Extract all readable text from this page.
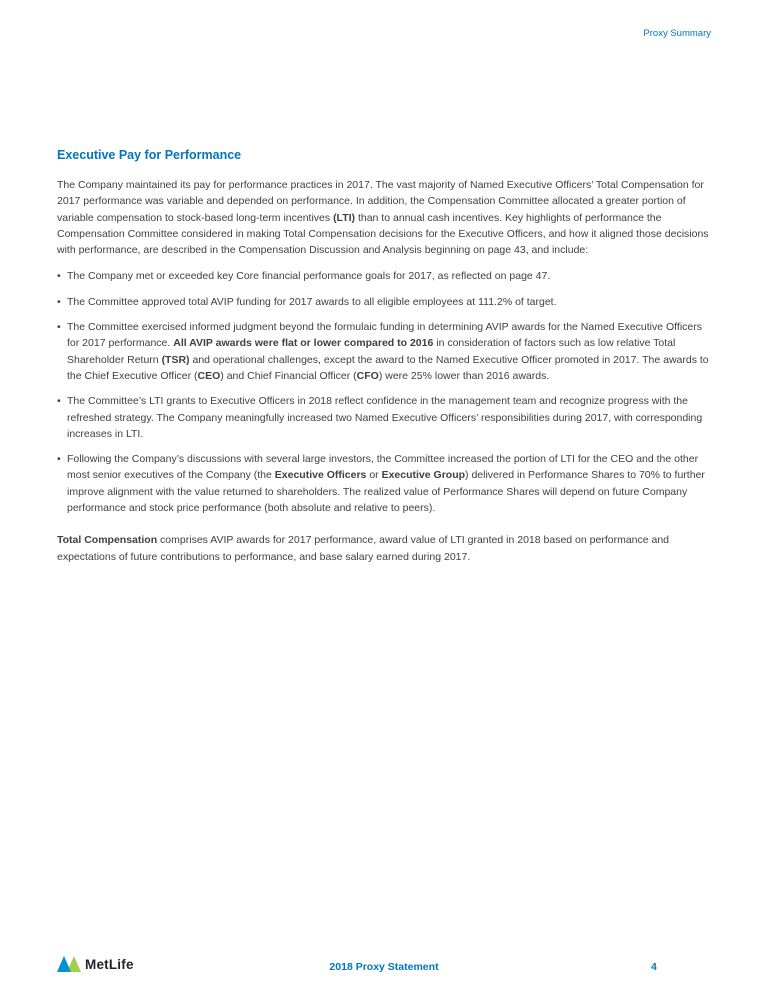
Proxy Summary
Executive Pay for Performance

The Company maintained its pay for performance practices in 2017. The vast majority of Named Executive Officers’ Total Compensation for 2017 performance was variable and depended on performance. In addition, the Compensation Committee allocated a greater portion of variable compensation to stock-based long-term incentives (LTI) than to annual cash incentives. Key highlights of performance the Compensation Committee considered in making Total Compensation decisions for the Executive Officers, and how it aligned those decisions with performance, are described in the Compensation Discussion and Analysis beginning on page 43, and include:

• The Company met or exceeded key Core financial performance goals for 2017, as reflected on page 47.
• The Committee approved total AVIP funding for 2017 awards to all eligible employees at 111.2% of target.
• The Committee exercised informed judgment beyond the formulaic funding in determining AVIP awards for the Named Executive Officers for 2017 performance. All AVIP awards were flat or lower compared to 2016 in consideration of factors such as low relative Total Shareholder Return (TSR) and operational challenges, except the award to the Named Executive Officer promoted in 2017. The awards to the Chief Executive Officer (CEO) and Chief Financial Officer (CFO) were 25% lower than 2016 awards.
• The Committee’s LTI grants to Executive Officers in 2018 reflect confidence in the management team and recognize progress with the refreshed strategy. The Company meaningfully increased two Named Executive Officers’ responsibilities during 2017, with corresponding increases in LTI.
• Following the Company’s discussions with several large investors, the Committee increased the portion of LTI for the CEO and the other most senior executives of the Company (the Executive Officers or Executive Group) delivered in Performance Shares to 70% to further improve alignment with the value returned to shareholders. The realized value of Performance Shares will depend on future Company performance and stock price performance (both absolute and relative to peers).

Total Compensation comprises AVIP awards for 2017 performance, award value of LTI granted in 2018 based on performance and expectations of future contributions to performance, and base salary earned during 2017.

MetLife	2018 Proxy Statement	4
